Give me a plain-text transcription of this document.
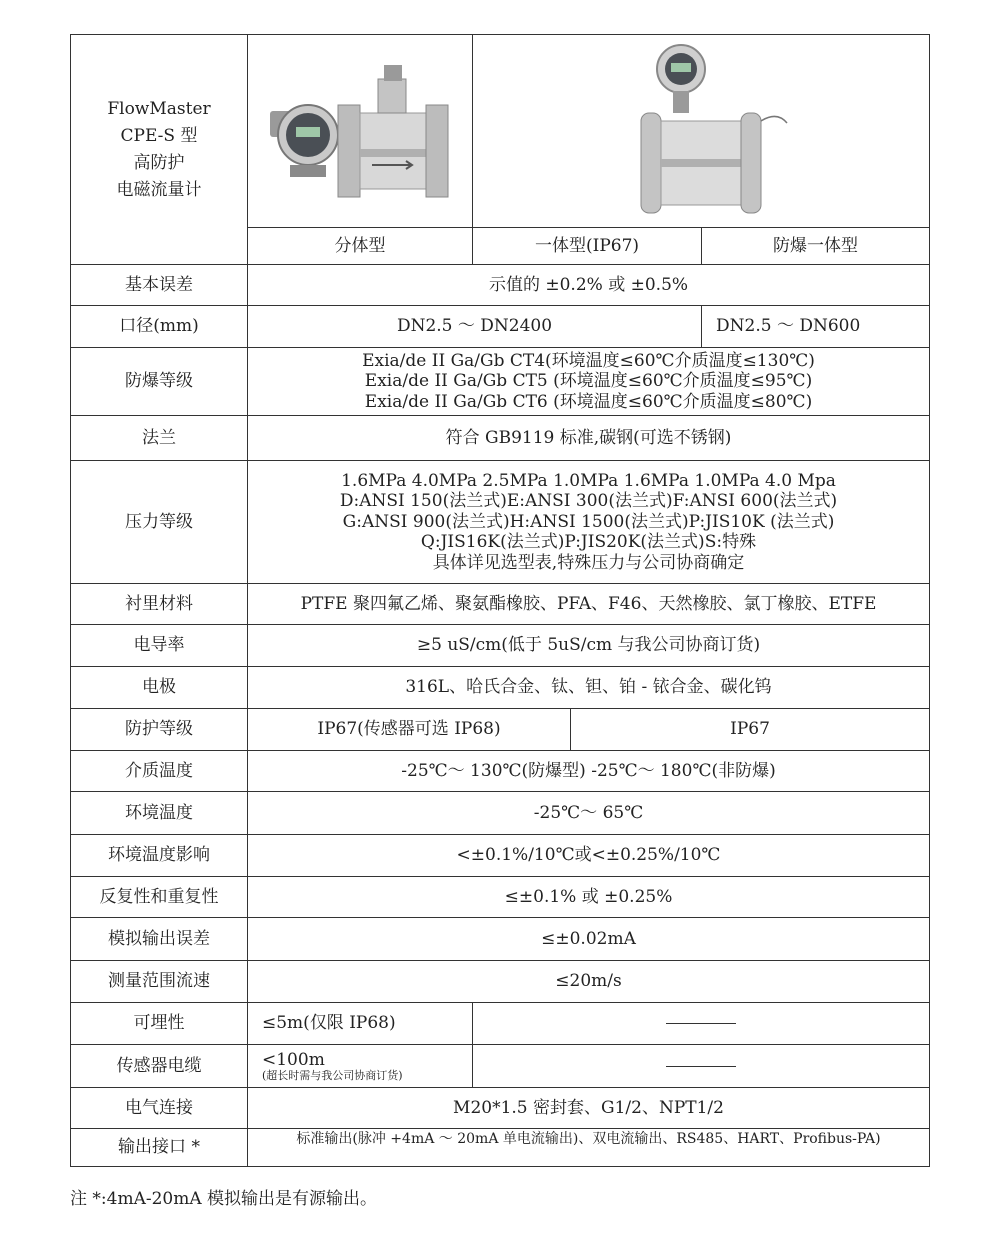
FlowMaster
CPE-S 型
高防护
电磁流量计

	分体型	一体型(IP67)		防爆一体型
基本误差	示值的 ±0.2% 或 ±0.5%			
口径(mm)	DN2.5 ～ DN2400			DN2.5 ～ DN600
防爆等级	Exia/de II Ga/Gb CT4(环境温度≤60℃介质温度≤130℃)
Exia/de II Ga/Gb CT5 (环境温度≤60℃介质温度≤95℃)
Exia/de II Ga/Gb CT6 (环境温度≤60℃介质温度≤80℃)			

法兰	符合 GB9119 标准,碳钢(可选不锈钢)			
压力等级	1.6MPa 4.0MPa 2.5MPa 1.0MPa 1.6MPa 1.0MPa 4.0 Mpa
D:ANSI 150(法兰式)E:ANSI 300(法兰式)F:ANSI 600(法兰式)
G:ANSI 900(法兰式)H:ANSI 1500(法兰式)P:JIS10K (法兰式)
Q:JIS16K(法兰式)P:JIS20K(法兰式)S:特殊
具体详见选型表,特殊压力与公司协商确定			

衬里材料	PTFE 聚四氟乙烯、聚氨酯橡胶、PFA、F46、天然橡胶、氯丁橡胶、ETFE			
电导率	≥5 uS/cm(低于 5uS/cm 与我公司协商订货)			
电极	316L、哈氏合金、钛、钽、铂 - 铱合金、碳化钨			
防护等级	IP67(传感器可选 IP68)		IP67	
介质温度	-25℃～ 130℃(防爆型) -25℃～ 180℃(非防爆)			
环境温度	-25℃～ 65℃			
环境温度影响	<±0.1%/10℃或<±0.25%/10℃			
反复性和重复性	≤±0.1% 或 ±0.25%			
模拟输出误差	≤±0.02mA			
测量范围流速	≤20m/s			
可埋性	≤5m(仅限 IP68)			
传感器电缆	<100m
(超长时需与我公司协商订货)			

电气连接	M20*1.5 密封套、G1/2、NPT1/2			
输出接口 *	标准输出(脉冲 +4mA ～ 20mA 单电流输出)、双电流输出、RS485、HART、Profibus-PA)			
注 *:4mA-20mA 模拟输出是有源输出。
